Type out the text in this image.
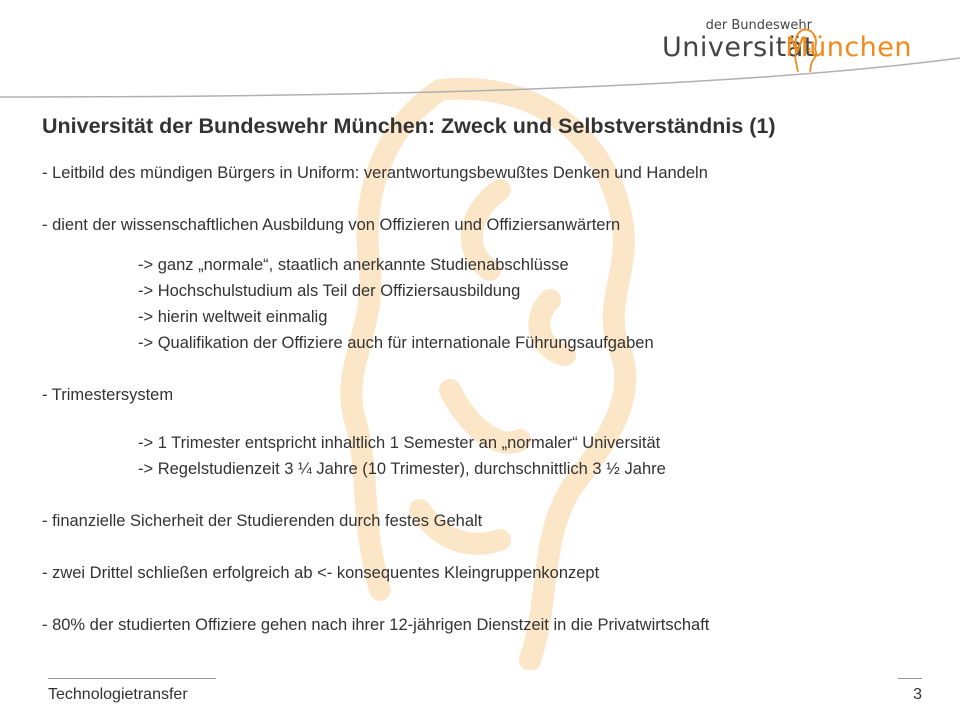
der Bundeswehr
Universität
München
Universität der Bundeswehr München: Zweck und Selbstverständnis (1)

- Leitbild des mündigen Bürgers in Uniform: verantwortungsbewußtes Denken und Handeln

- dient der wissenschaftlichen Ausbildung von Offizieren und Offiziersanwärtern

-> ganz „normale“, staatlich anerkannte Studienabschlüsse

-> Hochschulstudium als Teil der Offiziersausbildung

-> hierin weltweit einmalig

-> Qualifikation der Offiziere auch für internationale Führungsaufgaben

- Trimestersystem

-> 1 Trimester entspricht inhaltlich 1 Semester an „normaler“ Universität

-> Regelstudienzeit 3 ¼ Jahre (10 Trimester), durchschnittlich 3 ½ Jahre

- finanzielle Sicherheit der Studierenden durch festes Gehalt

- zwei Drittel schließen erfolgreich ab <- konsequentes Kleingruppenkonzept

- 80% der studierten Offiziere gehen nach ihrer 12-jährigen Dienstzeit in die Privatwirtschaft

Technologietransfer	3
